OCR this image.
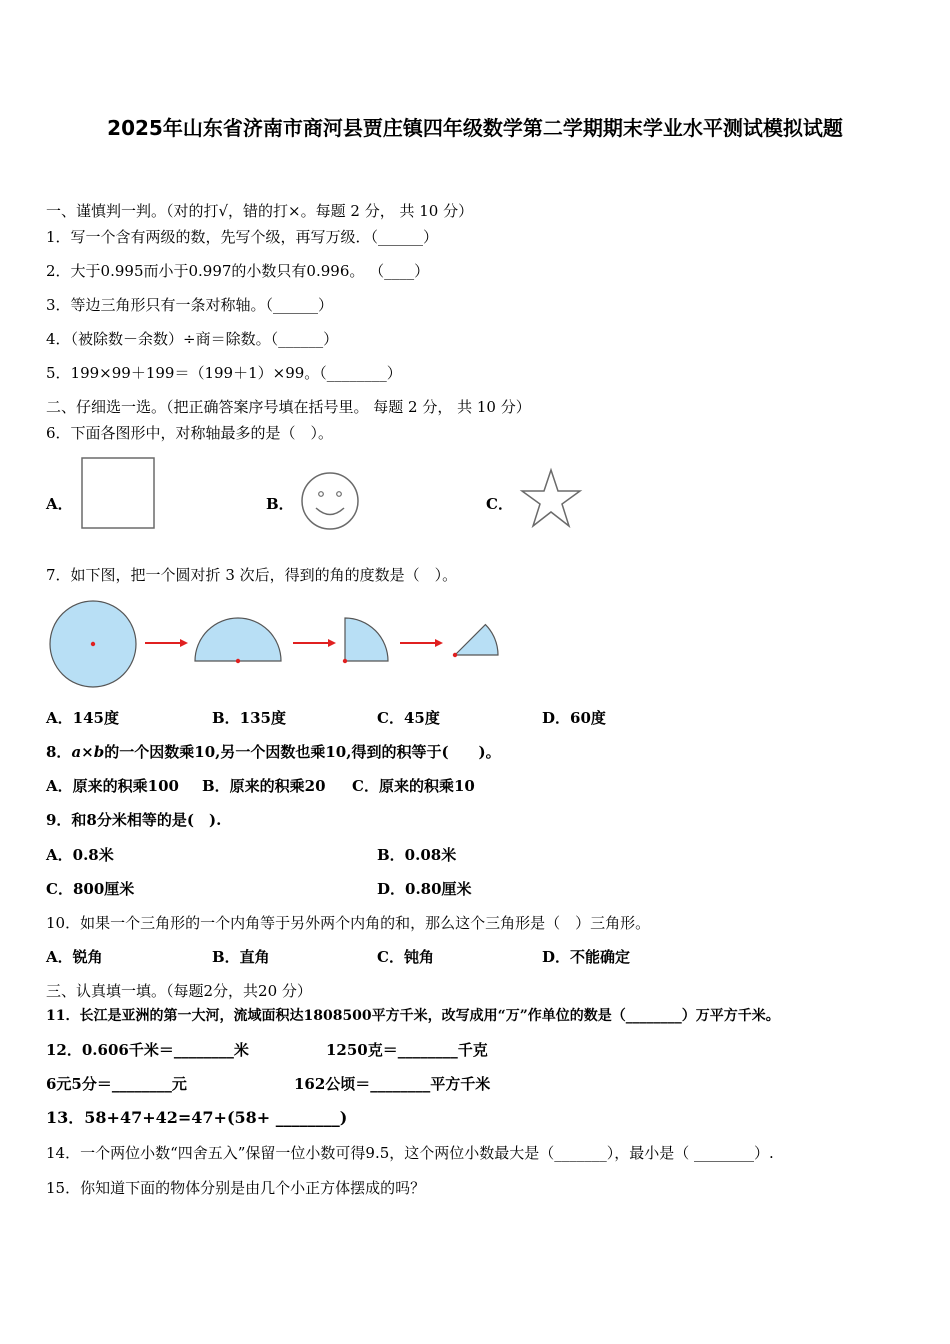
2025年山东省济南市商河县贾庄镇四年级数学第二学期期末学业水平测试模拟试题
一、谨慎判一判。（对的打√，错的打×。每题 2 分， 共 10 分）
1．写一个含有两级的数，先写个级，再写万级．（______）
2．大于0.995而小于0.997的小数只有0.996。 （____）
3．等边三角形只有一条对称轴。（______）
4．（被除数－余数）÷商＝除数。（______）
5．199×99＋199＝（199＋1）×99。（________）
二、仔细选一选。（把正确答案序号填在括号里。 每题 2 分， 共 10 分）
6．下面各图形中，对称轴最多的是（　）。
A．	B．	C．
7．如下图，把一个圆对折 3 次后，得到的角的度数是（　）。
A．145度	B．135度	C．45度	D．60度
8．a×b的一个因数乘10,另一个因数也乘10,得到的积等于(　　)。
A．原来的积乘100 B．原来的积乘20 C．原来的积乘10
9．和8分米相等的是(　).
A．0.8米	B．0.08米
C．800厘米	D．0.80厘米
10．如果一个三角形的一个内角等于另外两个内角的和，那么这个三角形是（　）三角形。
A．锐角	B．直角	C．钝角	D．不能确定
三、认真填一填。（每题2分，共20 分）
11．长江是亚洲的第一大河，流域面积达1808500平方千米，改写成用“万”作单位的数是（________）万平方千米。
12．0.606千米＝________米	1250克＝________千克
6元5分＝________元	162公顷＝________平方千米
13．58+47+42=47+(58+ ________)
14．一个两位小数“四舍五入”保留一位小数可得9.5，这个两位小数最大是（_______），最小是（ ________）.
15．你知道下面的物体分别是由几个小正方体摆成的吗？
